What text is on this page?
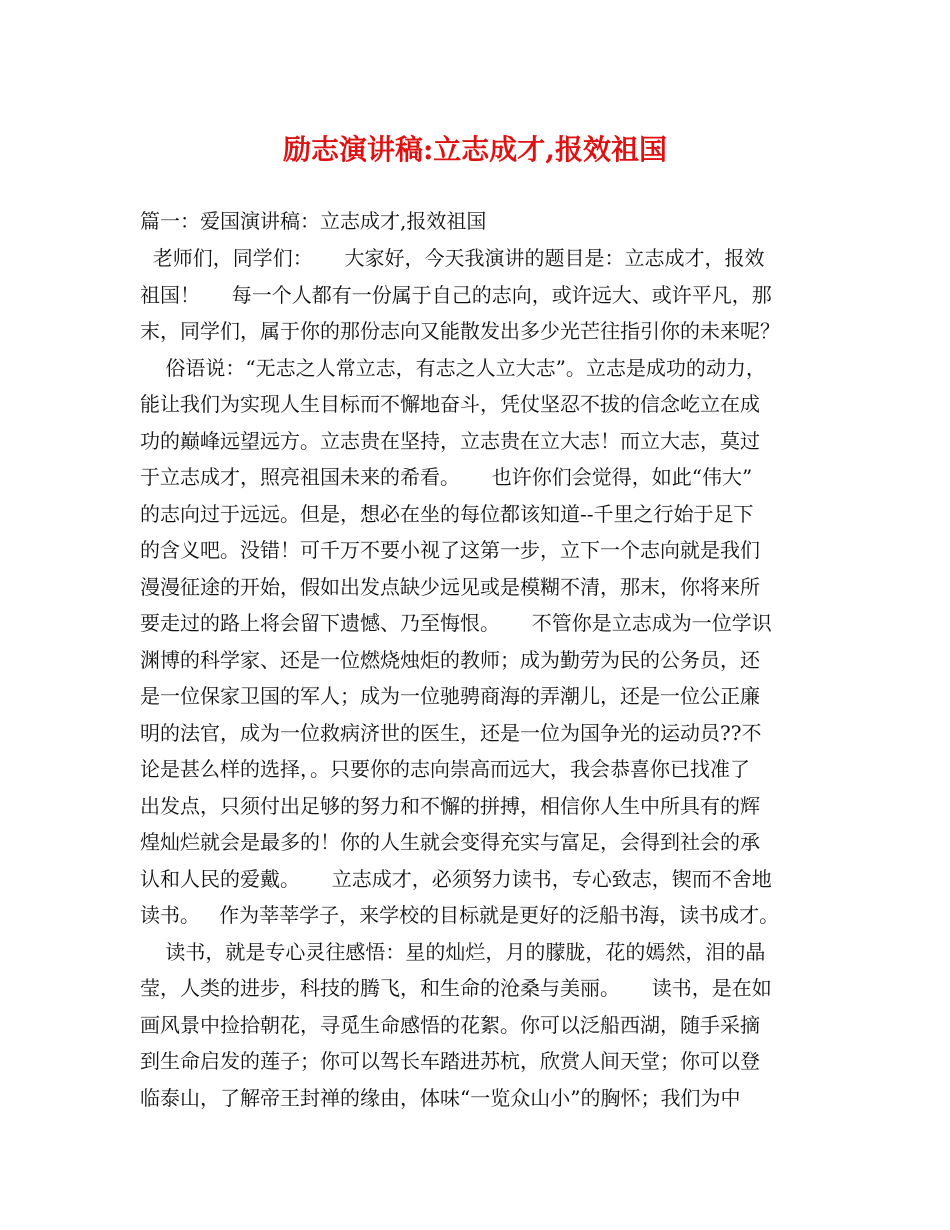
励志演讲稿:立志成才,报效祖国
篇一：爱国演讲稿：立志成才,报效祖国
老师们，同学们：     大家好，今天我演讲的题目是：立志成才，报效
祖国！     每一个人都有一份属于自己的志向，或许远大、或许平凡，那
末，同学们，属于你的那份志向又能散发出多少光芒往指引你的未来呢？
俗语说：“无志之人常立志，有志之人立大志”。立志是成功的动力，
能让我们为实现人生目标而不懈地奋斗，凭仗坚忍不拔的信念屹立在成
功的巅峰远望远方。立志贵在坚持，立志贵在立大志！而立大志，莫过
于立志成才，照亮祖国未来的希看。     也许你们会觉得，如此“伟大”
的志向过于远远。但是，想必在坐的每位都该知道--千里之行始于足下
的含义吧。没错！可千万不要小视了这第一步，立下一个志向就是我们
漫漫征途的开始，假如出发点缺少远见或是模糊不清，那末，你将来所
要走过的路上将会留下遗憾、乃至悔恨。     不管你是立志成为一位学识
渊博的科学家、还是一位燃烧烛炬的教师；成为勤劳为民的公务员，还
是一位保家卫国的军人；成为一位驰骋商海的弄潮儿，还是一位公正廉
明的法官，成为一位救病济世的医生，还是一位为国争光的运动员??不
论是甚么样的选择，。只要你的志向崇高而远大，我会恭喜你已找准了
出发点，只须付出足够的努力和不懈的拼搏，相信你人生中所具有的辉
煌灿烂就会是最多的！你的人生就会变得充实与富足，会得到社会的承
认和人民的爱戴。     立志成才，必须努力读书，专心致志，锲而不舍地
读书。   作为莘莘学子，来学校的目标就是更好的泛船书海，读书成才。
读书，就是专心灵往感悟：星的灿烂，月的朦胧，花的嫣然，泪的晶
莹，人类的进步，科技的腾飞，和生命的沧桑与美丽。     读书，是在如
画风景中捡拾朝花，寻觅生命感悟的花絮。你可以泛船西湖，随手采摘
到生命启发的莲子；你可以驾长车踏进苏杭，欣赏人间天堂；你可以登
临泰山，了解帝王封禅的缘由，体味“一览众山小”的胸怀；我们为中
